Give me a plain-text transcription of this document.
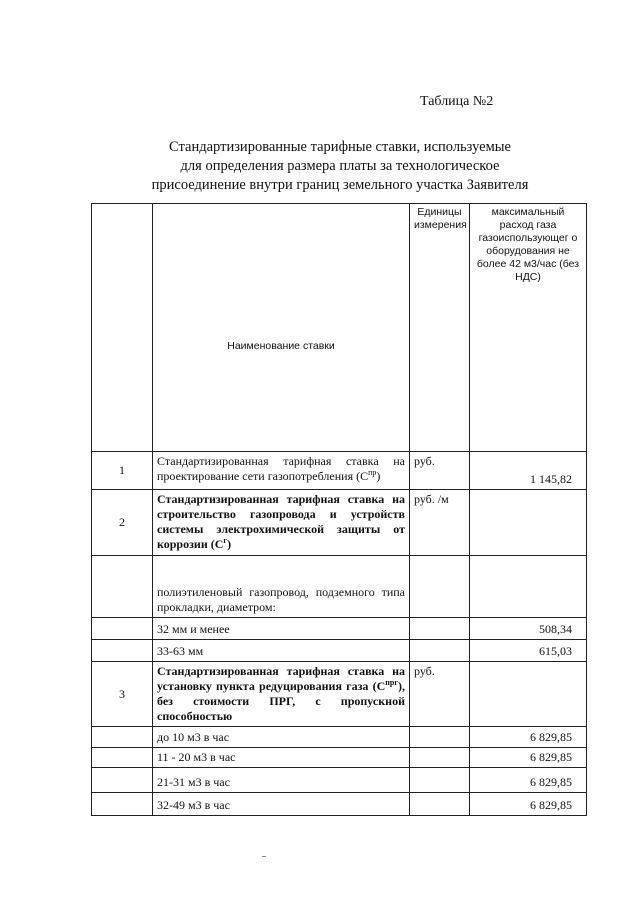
Таблица №2
Стандартизированные тарифные ставки, используемые
для определения размера платы за технологическое
присоединение внутри границ земельного участка Заявителя
	Наименование ставки	Единицы измерения	максимальный расход газа газоиспользующег о оборудования не более 42 м3/час (без НДС)
1	Стандартизированная тарифная ставка на проектирование сети газопотребления $(С^{пр})$	руб.	1 145,82
2	Стандартизированная тарифная ставка на строительство газопровода и устройств системы электрохимической защиты от коррозии $(С^г)$	руб. /м	
	полиэтиленовый газопровод, подземного типа прокладки, диаметром:		
	32 мм и менее		508,34
	33-63 мм		615,03
3	Стандартизированная тарифная ставка на установку пункта редуцирования газа $(С^{прг})$, без стоимости ПРГ, с пропускной способностью	руб.	
	до 10 м3 в час		6 829,85
	11 - 20 м3 в час		6 829,85
	21-31 м3 в час		6 829,85
	32-49 м3 в час		6 829,85
